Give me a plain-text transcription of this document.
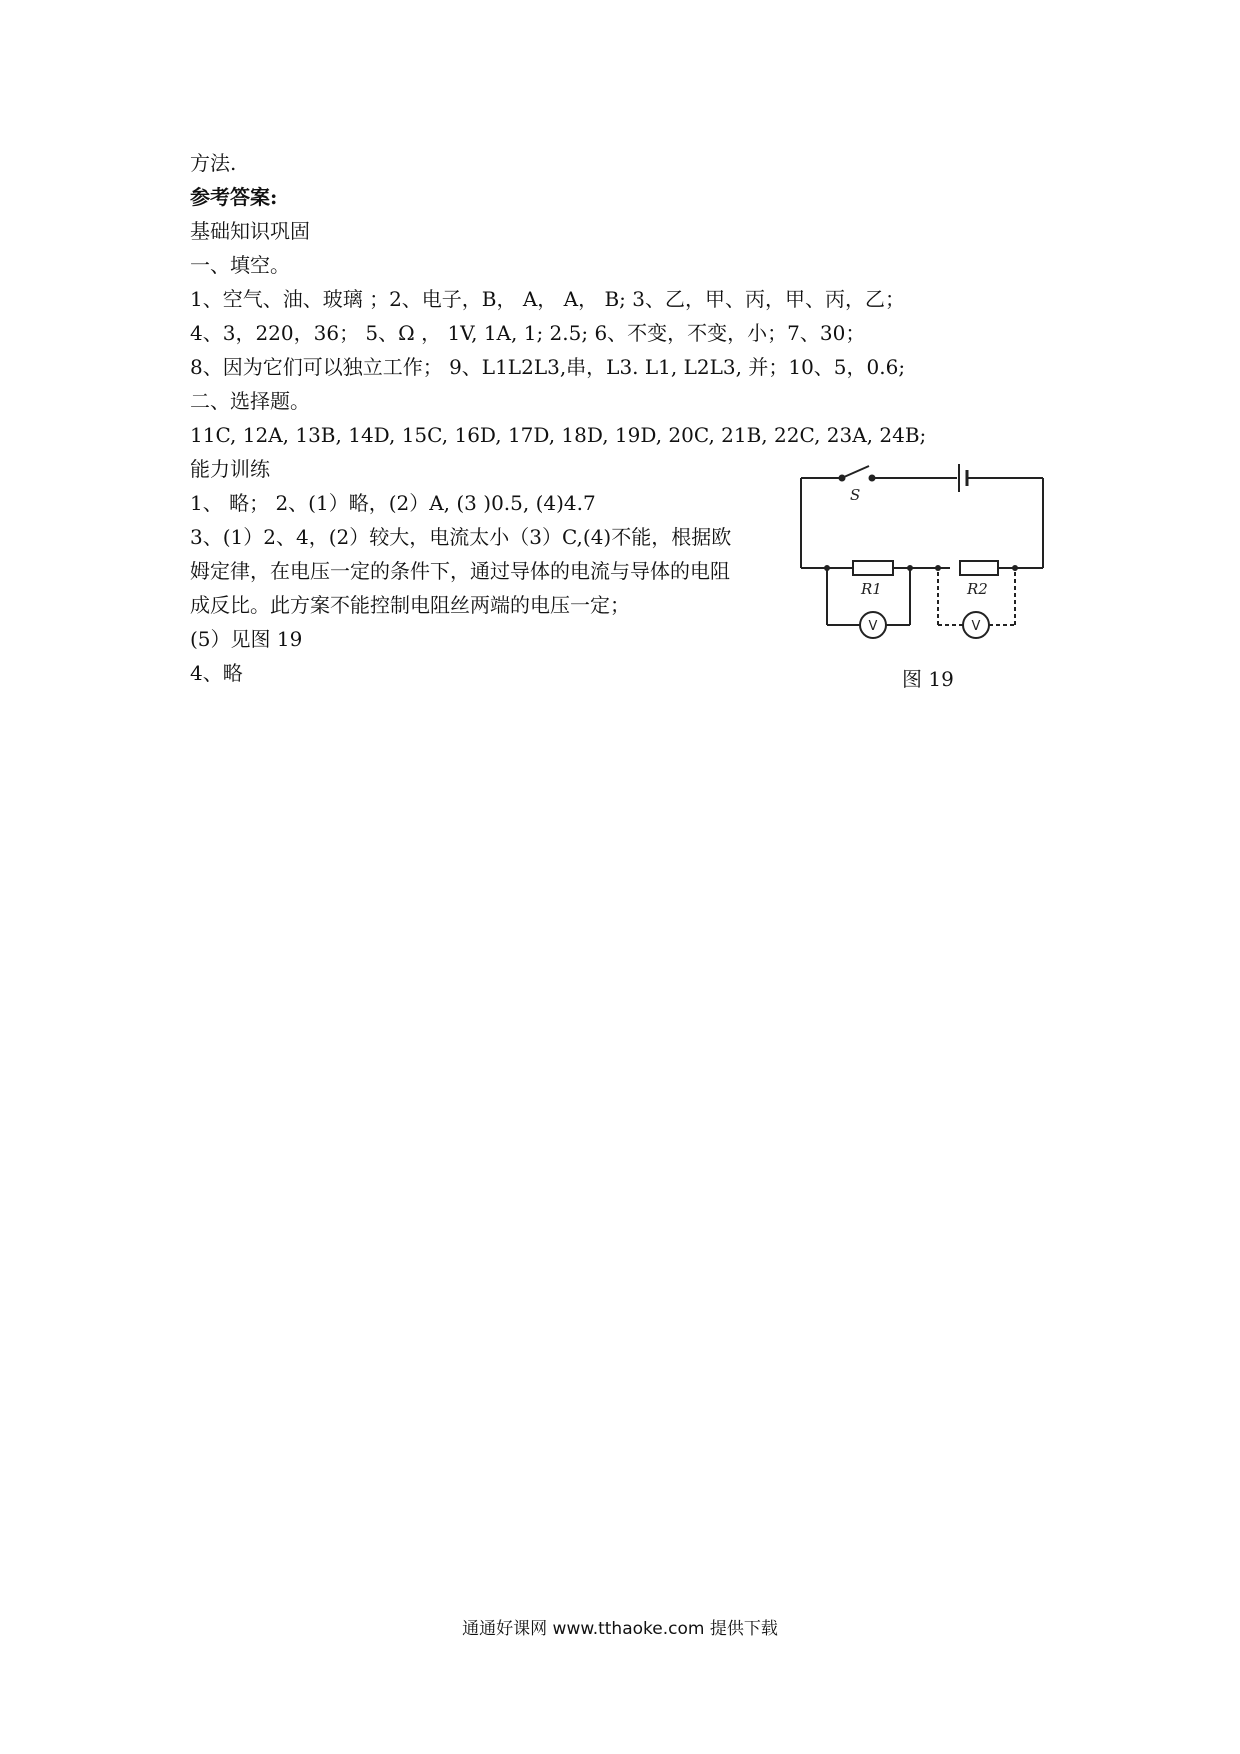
方法.
参考答案:
基础知识巩固
一、填空。
1、空气、油、玻璃 ；2、电子，B， A， A， B; 3、乙，甲、丙，甲、丙，乙；
4、3，220，36； 5、Ω ， 1V, 1A, 1; 2.5; 6、不变，不变，小；7、30；
8、因为它们可以独立工作； 9、L1L2L3,串，L3. L1, L2L3, 并；10、5，0.6;
二、选择题。
11C, 12A, 13B, 14D, 15C, 16D, 17D, 18D, 19D, 20C, 21B, 22C, 23A, 24B;
能力训练
1、 略； 2、(1）略，(2）A, (3 )0.5, (4)4.7
3、(1）2、4，(2）较大，电流太小（3）C,(4)不能，根据欧
姆定律，在电压一定的条件下，通过导体的电流与导体的电阻
成反比。此方案不能控制电阻丝两端的电压一定；
(5）见图 19
4、略
S
R1	R2
V	V
图 19
通通好课网 www.tthaoke.com 提供下载
